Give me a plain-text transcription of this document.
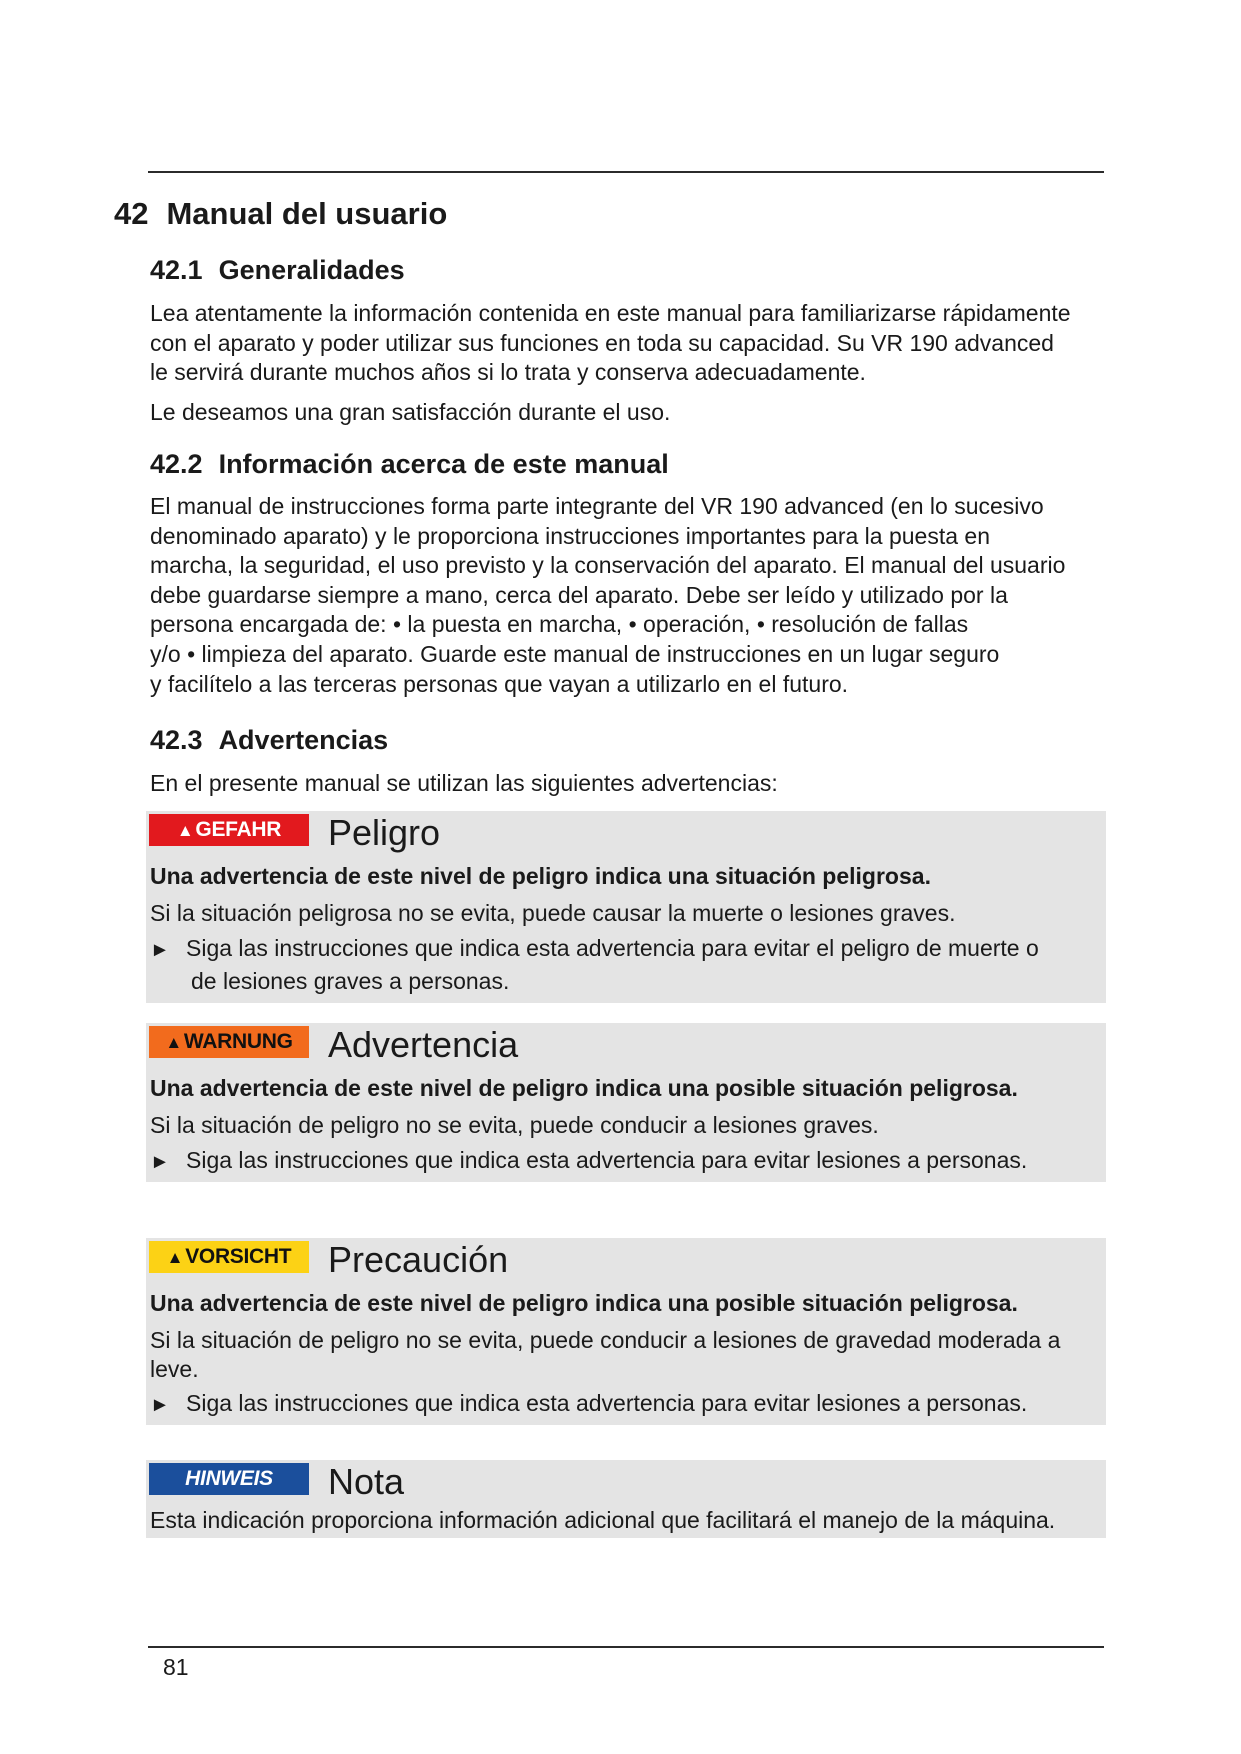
42 Manual del usuario
42.1 Generalidades

Lea atentamente la información contenida en este manual para familiarizarse rápidamente
con el aparato y poder utilizar sus funciones en toda su capacidad. Su VR 190 advanced
le servirá durante muchos años si lo trata y conserva adecuadamente.

Le deseamos una gran satisfacción durante el uso.

42.2 Información acerca de este manual

El manual de instrucciones forma parte integrante del VR 190 advanced (en lo sucesivo
denominado aparato) y le proporciona instrucciones importantes para la puesta en
marcha, la seguridad, el uso previsto y la conservación del aparato. El manual del usuario
debe guardarse siempre a mano, cerca del aparato. Debe ser leído y utilizado por la
persona encargada de: • la puesta en marcha, • operación, • resolución de fallas
y/o • limpieza del aparato. Guarde este manual de instrucciones en un lugar seguro
y facilítelo a las terceras personas que vayan a utilizarlo en el futuro.

42.3 Advertencias

En el presente manual se utilizan las siguientes advertencias:

▲GEFAHR	Peligro

Una advertencia de este nivel de peligro indica una situación peligrosa.

Si la situación peligrosa no se evita, puede causar la muerte o lesiones graves.

► Siga las instrucciones que indica esta advertencia para evitar el peligro de muerte o
de lesiones graves a personas.

▲WARNUNG Advertencia

Una advertencia de este nivel de peligro indica una posible situación peligrosa.

Si la situación de peligro no se evita, puede conducir a lesiones graves.

► Siga las instrucciones que indica esta advertencia para evitar lesiones a personas.

▲VORSICHT	Precaución

Una advertencia de este nivel de peligro indica una posible situación peligrosa.

Si la situación de peligro no se evita, puede conducir a lesiones de gravedad moderada a
leve.

► Siga las instrucciones que indica esta advertencia para evitar lesiones a personas.

HINWEIS	Nota

Esta indicación proporciona información adicional que facilitará el manejo de la máquina.

81
